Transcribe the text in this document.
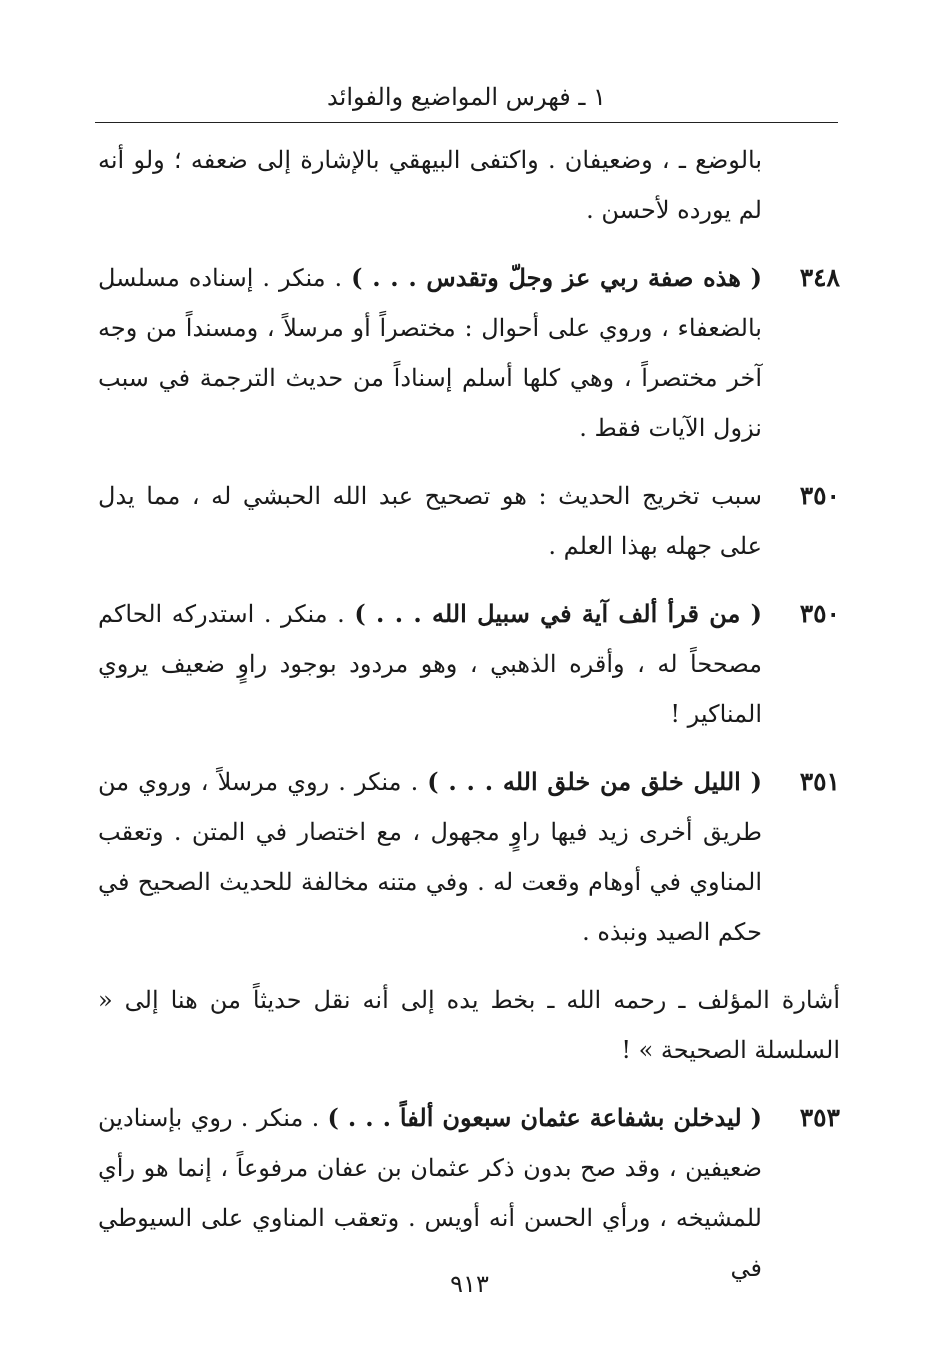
١ ـ فهرس المواضيع والفوائد
بالوضع ـ ، وضعيفان . واكتفى البيهقي بالإشارة إلى ضعفه ؛ ولو أنه لم يورده لأحسن .
٣٤٨
( هذه صفة ربي عز وجلّ وتقدس . . . ) . منكر . إسناده مسلسل بالضعفاء ، وروي على أحوال : مختصراً أو مرسلاً ، ومسنداً من وجه آخر مختصراً ، وهي كلها أسلم إسناداً من حديث الترجمة في سبب نزول الآيات فقط .
٣٥٠
سبب تخريج الحديث : هو تصحيح عبد الله الحبشي له ، مما يدل على جهله بهذا العلم .
٣٥٠
( من قرأ ألف آية في سبيل الله . . . ) . منكر . استدركه الحاكم مصححاً له ، وأقره الذهبي ، وهو مردود بوجود راوٍ ضعيف يروي المناكير !
٣٥١
( الليل خلق من خلق الله . . . ) . منكر . روي مرسلاً ، وروي من طريق أخرى زيد فيها راوٍ مجهول ، مع اختصار في المتن . وتعقب المناوي في أوهام وقعت له . وفي متنه مخالفة للحديث الصحيح في حكم الصيد ونبذه .
أشارة المؤلف ـ رحمه الله ـ بخط يده إلى أنه نقل حديثاً من هنا إلى « السلسلة الصحيحة » !
٣٥٣
( ليدخلن بشفاعة عثمان سبعون ألفاً . . . ) . منكر . روي بإسنادين ضعيفين ، وقد صح بدون ذكر عثمان بن عفان مرفوعاً ، إنما هو رأي للمشيخه ، ورأي الحسن أنه أويس . وتعقب المناوي على السيوطي في
٩١٣
